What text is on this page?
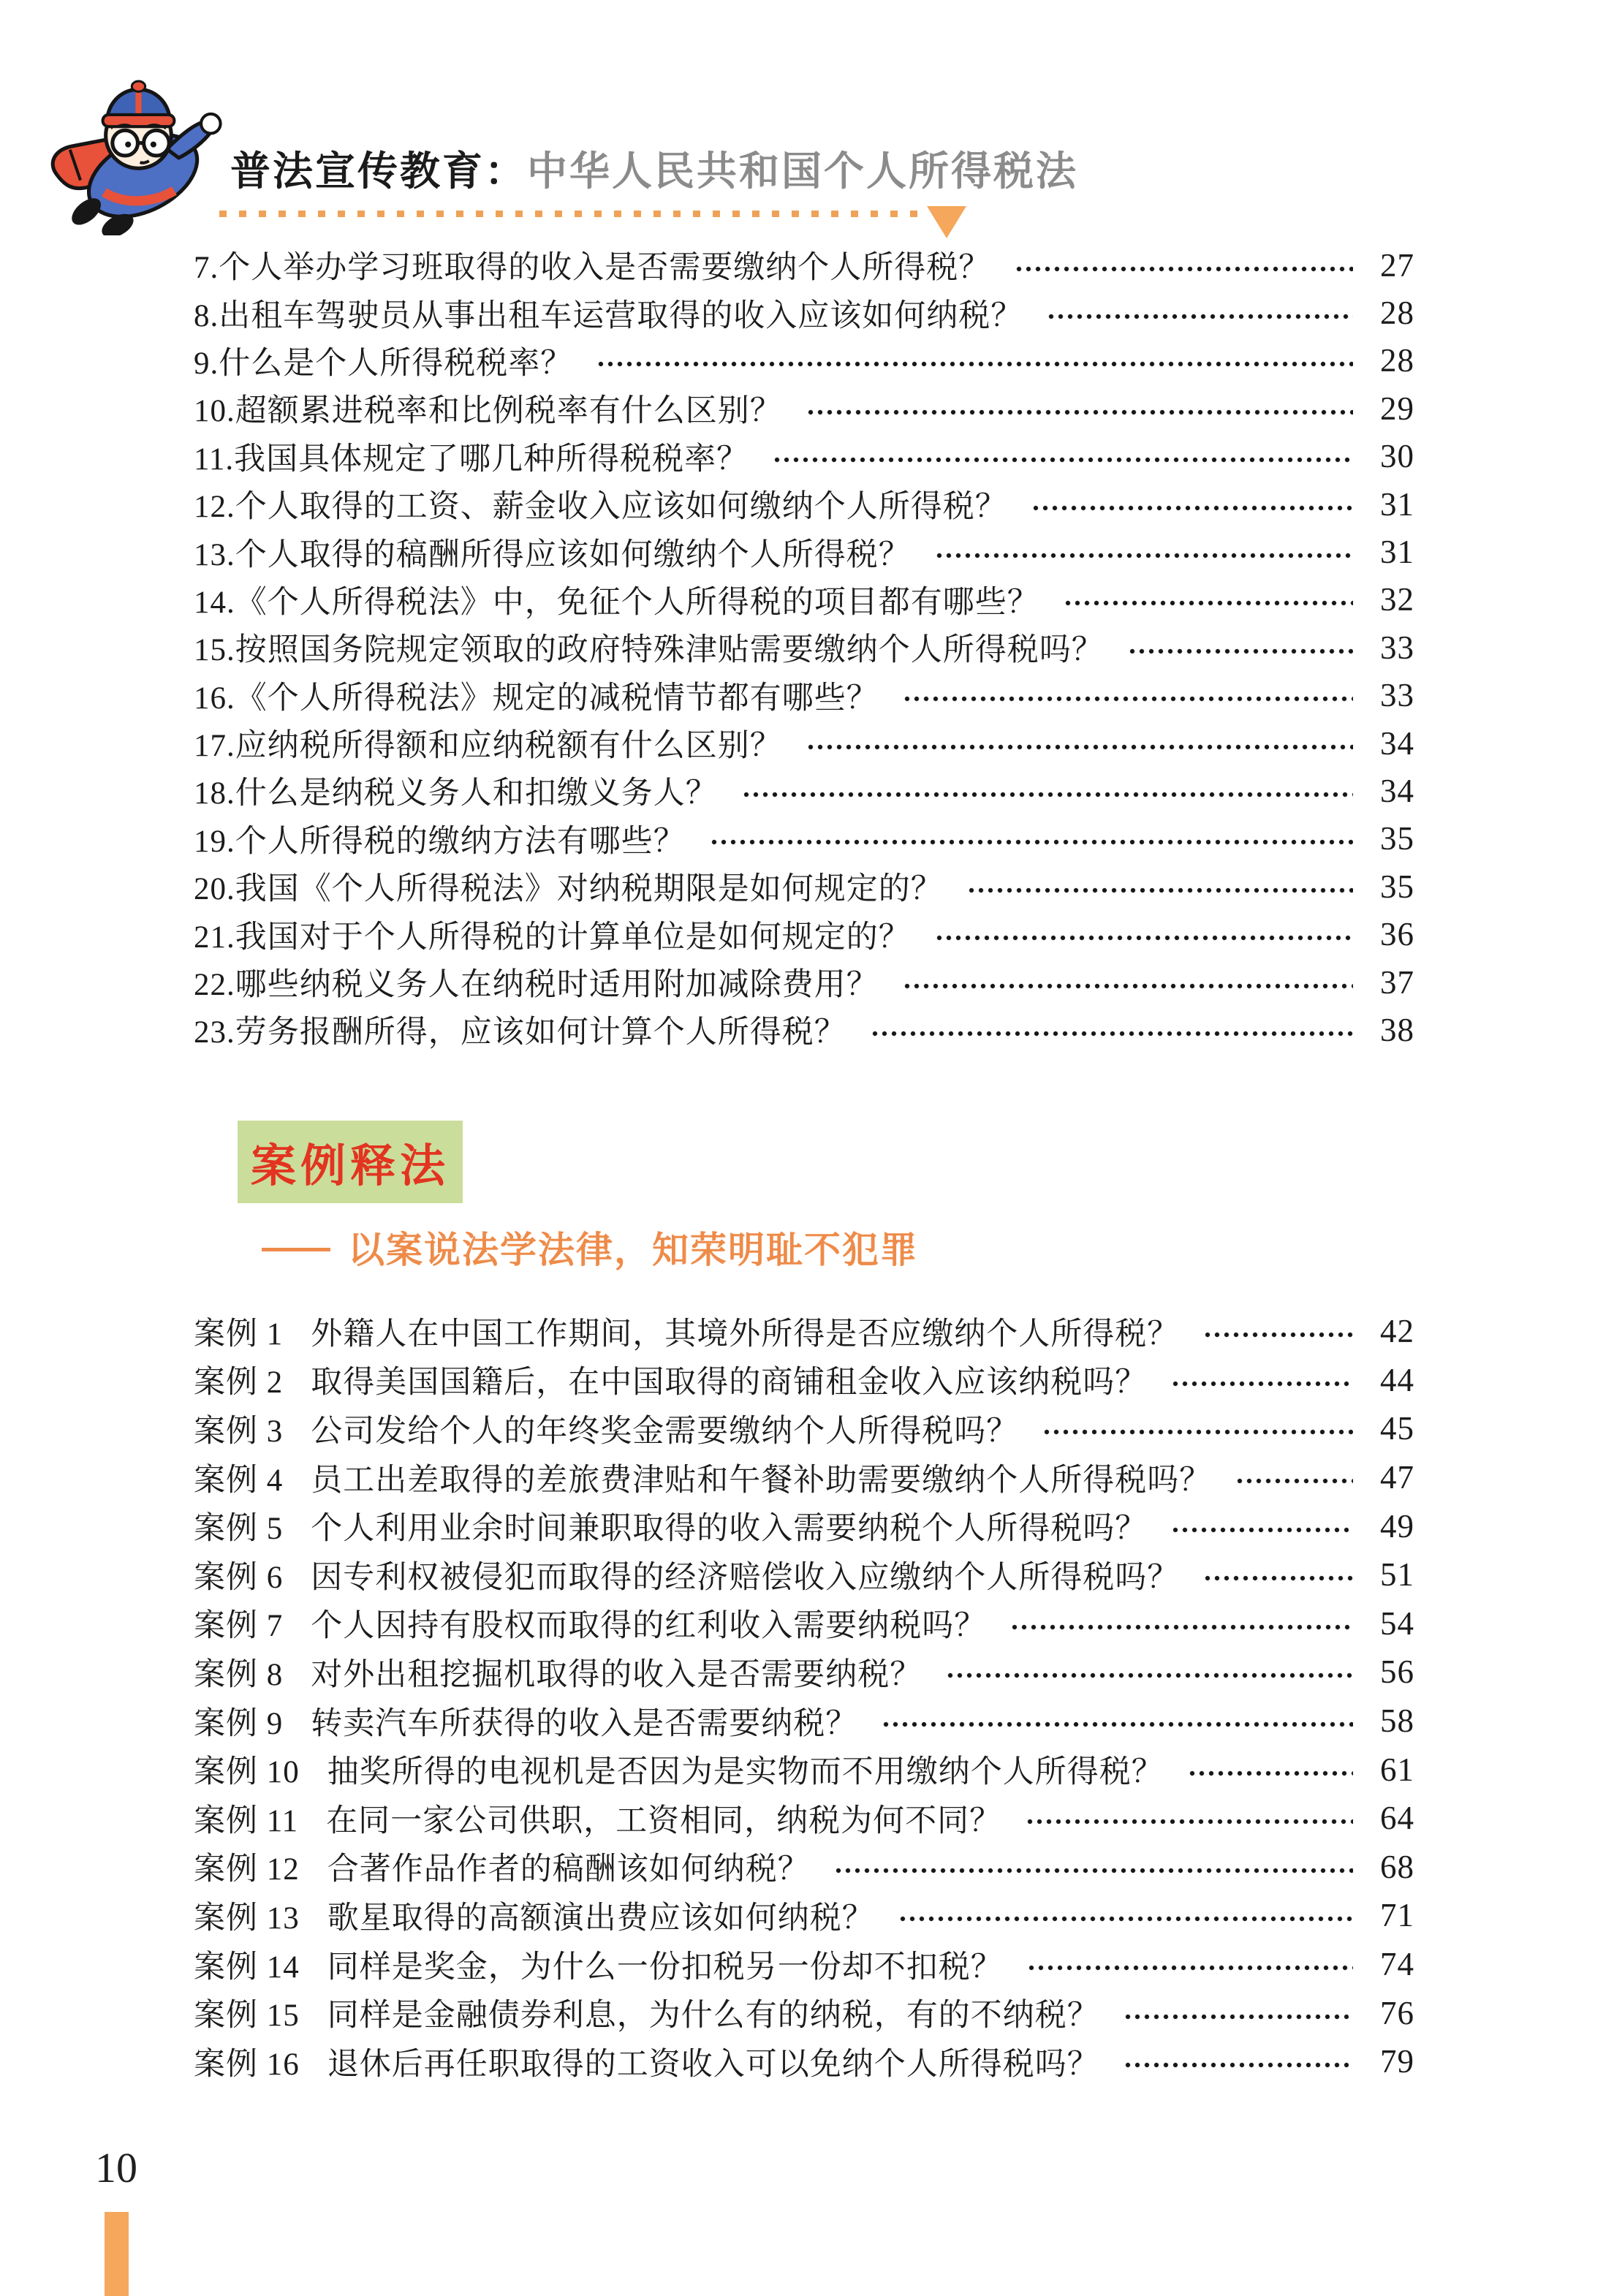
普法宣传教育：中华人民共和国个人所得税法
7.个人举办学习班取得的收入是否需要缴纳个人所得税？	27
8.出租车驾驶员从事出租车运营取得的收入应该如何纳税？	28
9.什么是个人所得税税率？	28
10.超额累进税率和比例税率有什么区别？	29
11.我国具体规定了哪几种所得税税率？	30
12.个人取得的工资、薪金收入应该如何缴纳个人所得税？	31
13.个人取得的稿酬所得应该如何缴纳个人所得税？	31
14.《个人所得税法》中，免征个人所得税的项目都有哪些？	32
15.按照国务院规定领取的政府特殊津贴需要缴纳个人所得税吗？	33
16.《个人所得税法》规定的减税情节都有哪些？	33
17.应纳税所得额和应纳税额有什么区别？	34
18.什么是纳税义务人和扣缴义务人？	34
19.个人所得税的缴纳方法有哪些？	35
20.我国《个人所得税法》对纳税期限是如何规定的？	35
21.我国对于个人所得税的计算单位是如何规定的？	36
22.哪些纳税义务人在纳税时适用附加减除费用？	37
23.劳务报酬所得，应该如何计算个人所得税？	38
案例释法
—— 以案说法学法律，知荣明耻不犯罪
案例 1 外籍人在中国工作期间，其境外所得是否应缴纳个人所得税？	42
案例 2 取得美国国籍后，在中国取得的商铺租金收入应该纳税吗？	44
案例 3 公司发给个人的年终奖金需要缴纳个人所得税吗？	45
案例 4 员工出差取得的差旅费津贴和午餐补助需要缴纳个人所得税吗？	47
案例 5 个人利用业余时间兼职取得的收入需要纳税个人所得税吗？	49
案例 6 因专利权被侵犯而取得的经济赔偿收入应缴纳个人所得税吗？	51
案例 7 个人因持有股权而取得的红利收入需要纳税吗？	54
案例 8 对外出租挖掘机取得的收入是否需要纳税？	56
案例 9 转卖汽车所获得的收入是否需要纳税？	58
案例 10 抽奖所得的电视机是否因为是实物而不用缴纳个人所得税？	61
案例 11 在同一家公司供职，工资相同，纳税为何不同？	64
案例 12 合著作品作者的稿酬该如何纳税？	68
案例 13 歌星取得的高额演出费应该如何纳税？	71
案例 14 同样是奖金，为什么一份扣税另一份却不扣税？	74
案例 15 同样是金融债券利息，为什么有的纳税，有的不纳税？	76
案例 16 退休后再任职取得的工资收入可以免纳个人所得税吗？	79
10
